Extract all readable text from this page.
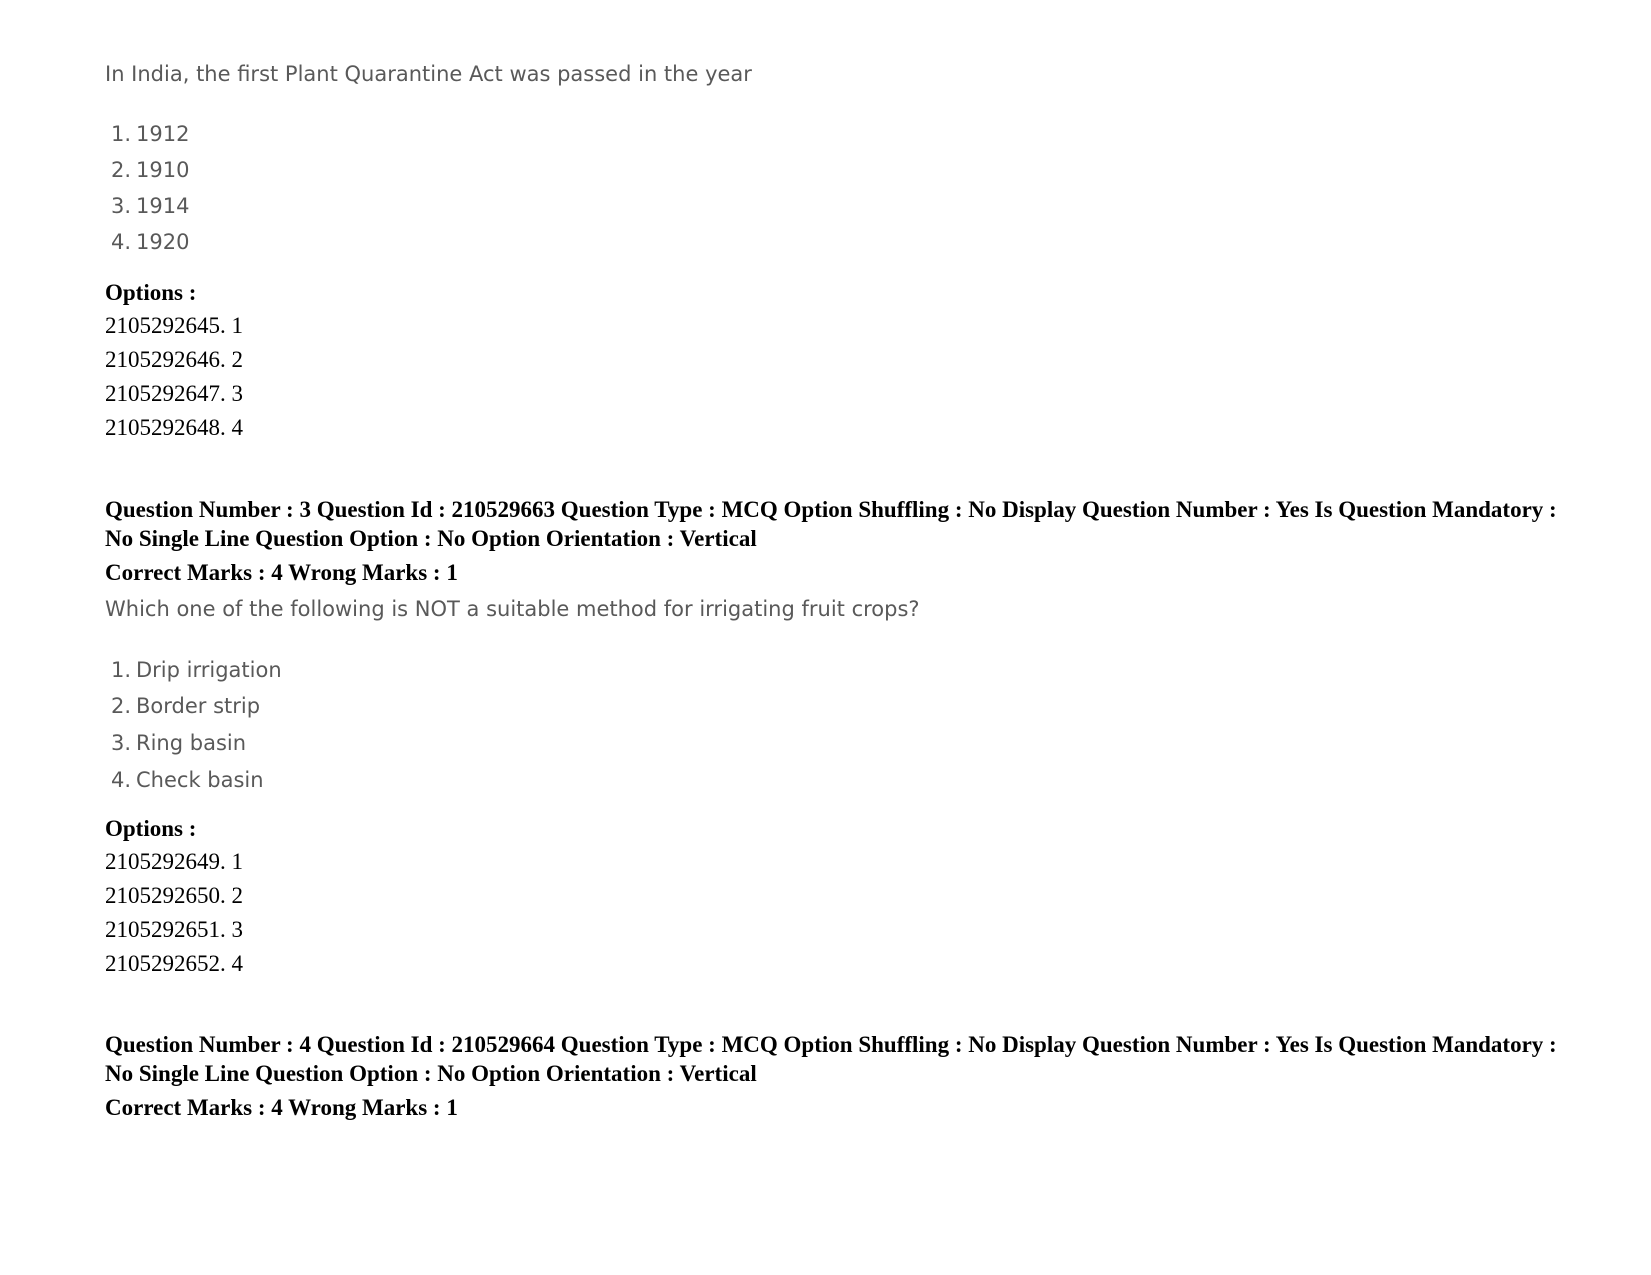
In India, the first Plant Quarantine Act was passed in the year
1. 1912
2. 1910
3. 1914
4. 1920
Options :
2105292645. 1
2105292646. 2
2105292647. 3
2105292648. 4
Question Number : 3 Question Id : 210529663 Question Type : MCQ Option Shuffling : No Display Question Number : Yes Is Question Mandatory : No Single Line Question Option : No Option Orientation : Vertical
Correct Marks : 4 Wrong Marks : 1
Which one of the following is NOT a suitable method for irrigating fruit crops?
1. Drip irrigation
2. Border strip
3. Ring basin
4. Check basin
Options :
2105292649. 1
2105292650. 2
2105292651. 3
2105292652. 4
Question Number : 4 Question Id : 210529664 Question Type : MCQ Option Shuffling : No Display Question Number : Yes Is Question Mandatory : No Single Line Question Option : No Option Orientation : Vertical
Correct Marks : 4 Wrong Marks : 1
